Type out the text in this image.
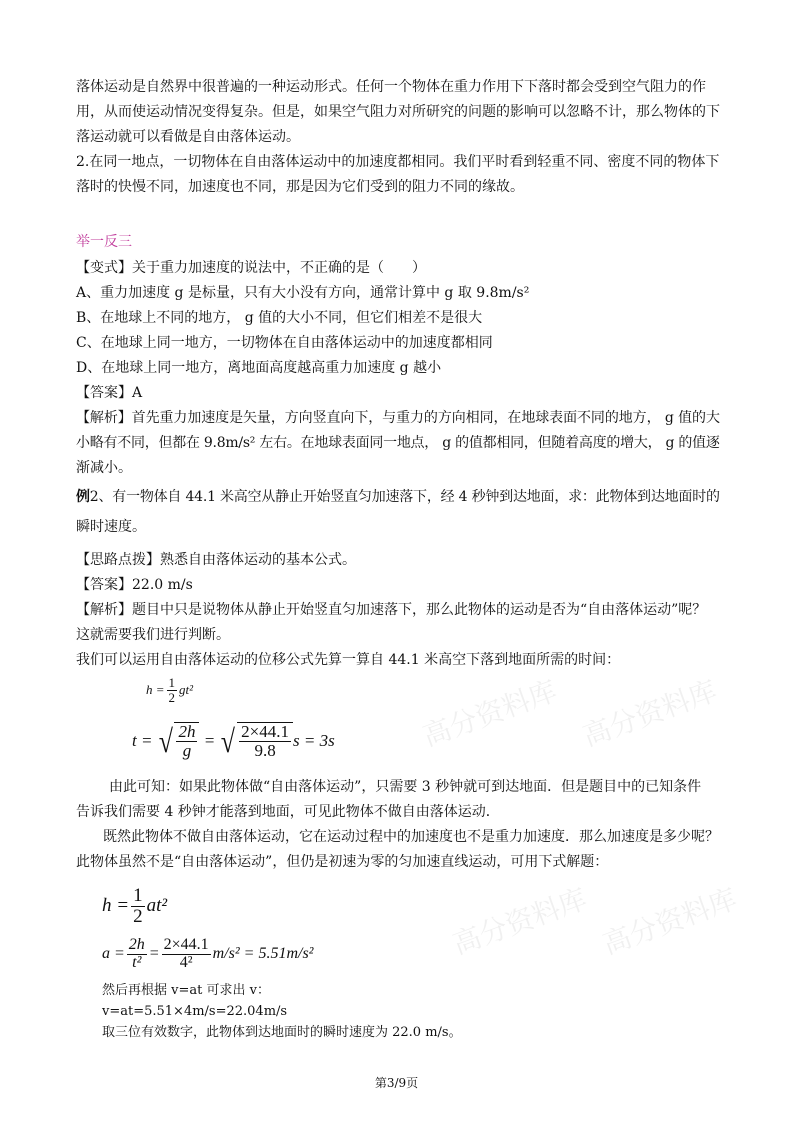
高分资料库 高分资料库
高分资料库 高分资料库
落体运动是自然界中很普遍的一种运动形式。任何一个物体在重力作用下下落时都会受到空气阻力的作
用，从而使运动情况变得复杂。但是，如果空气阻力对所研究的问题的影响可以忽略不计，那么物体的下
落运动就可以看做是自由落体运动。
2.在同一地点，一切物体在自由落体运动中的加速度都相同。我们平时看到轻重不同、密度不同的物体下
落时的快慢不同，加速度也不同，那是因为它们受到的阻力不同的缘故。
举一反三
【变式】关于重力加速度的说法中，不正确的是（　　）
A、重力加速度 g 是标量，只有大小没有方向，通常计算中 g 取 9.8m/s²
B、在地球上不同的地方， g 值的大小不同，但它们相差不是很大
C、在地球上同一地方，一切物体在自由落体运动中的加速度都相同
D、在地球上同一地方，离地面高度越高重力加速度 g 越小
【答案】A
【解析】首先重力加速度是矢量，方向竖直向下，与重力的方向相同，在地球表面不同的地方， g 值的大
小略有不同，但都在 9.8m/s² 左右。在地球表面同一地点， g 的值都相同，但随着高度的增大， g 的值逐
渐减小。
例2、有一物体自 44.1 米高空从静止开始竖直匀加速落下，经 4 秒钟到达地面，求：此物体到达地面时的
瞬时速度。
【思路点拨】熟悉自由落体运动的基本公式。
【答案】22.0 m/s
【解析】题目中只是说物体从静止开始竖直匀加速落下，那么此物体的运动是否为“自由落体运动”呢？
这就需要我们进行判断。
我们可以运用自由落体运动的位移公式先算一算自 44.1 米高空下落到地面所需的时间：
$h = \frac{1}{2} gt^2$
t = √ $\frac{2h}{g}$ = √ $\frac{2\times 44.1}{9.8}$ s = 3s
由此可知：如果此物体做“自由落体运动”，只需要 3 秒钟就可到达地面．但是题目中的已知条件
告诉我们需要 4 秒钟才能落到地面，可见此物体不做自由落体运动．
既然此物体不做自由落体运动，它在运动过程中的加速度也不是重力加速度．那么加速度是多少呢？
此物体虽然不是“自由落体运动”，但仍是初速为零的匀加速直线运动，可用下式解题：
$h = \frac{1}{2} at^2$
$a = \frac{2h}{\text{t²}} = \frac{2\times 44.1}{\text{4²}} m/s^2 = 5.51m/s^2$
然后再根据 v=at 可求出 v：
v=at=5.51×4m/s=22.04m/s
取三位有效数字，此物体到达地面时的瞬时速度为 22.0 m/s。
第3/9页
